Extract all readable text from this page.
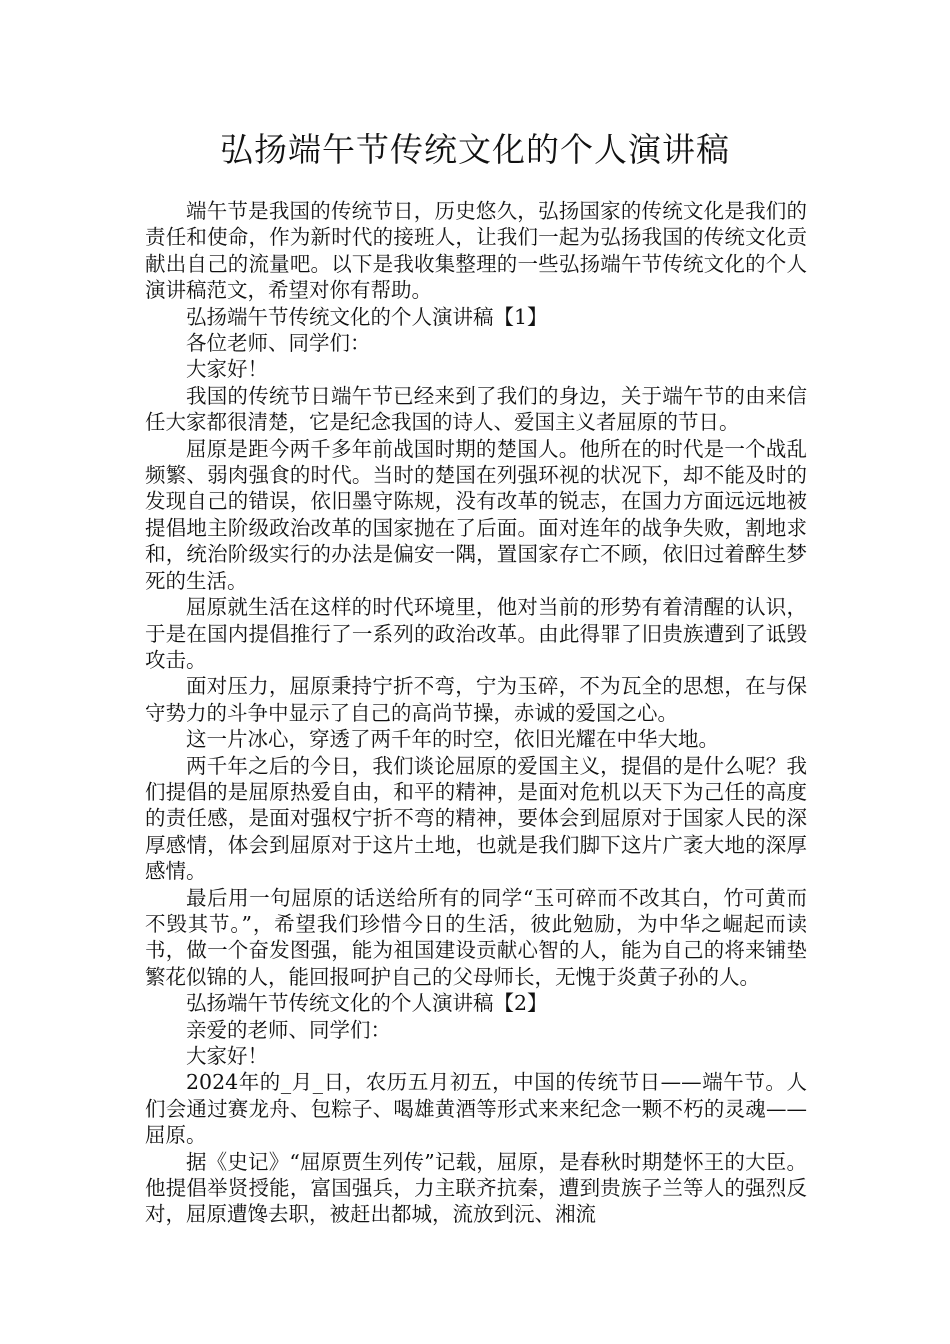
弘扬端午节传统文化的个人演讲稿

端午节是我国的传统节日，历史悠久，弘扬国家的传统文化是我们的责任和使命，作为新时代的接班人，让我们一起为弘扬我国的传统文化贡献出自己的流量吧。以下是我收集整理的一些弘扬端午节传统文化的个人演讲稿范文，希望对你有帮助。

弘扬端午节传统文化的个人演讲稿【1】

各位老师、同学们：

大家好！

我国的传统节日端午节已经来到了我们的身边，关于端午节的由来信任大家都很清楚，它是纪念我国的诗人、爱国主义者屈原的节日。

屈原是距今两千多年前战国时期的楚国人。他所在的时代是一个战乱频繁、弱肉强食的时代。当时的楚国在列强环视的状况下，却不能及时的发现自己的错误，依旧墨守陈规，没有改革的锐志，在国力方面远远地被提倡地主阶级政治改革的国家抛在了后面。面对连年的战争失败，割地求和，统治阶级实行的办法是偏安一隅，置国家存亡不顾，依旧过着醉生梦死的生活。

屈原就生活在这样的时代环境里，他对当前的形势有着清醒的认识，于是在国内提倡推行了一系列的政治改革。由此得罪了旧贵族遭到了诋毁攻击。

面对压力，屈原秉持宁折不弯，宁为玉碎，不为瓦全的思想，在与保守势力的斗争中显示了自己的高尚节操，赤诚的爱国之心。

这一片冰心，穿透了两千年的时空，依旧光耀在中华大地。

两千年之后的今日，我们谈论屈原的爱国主义，提倡的是什么呢？我们提倡的是屈原热爱自由，和平的精神，是面对危机以天下为己任的高度的责任感，是面对强权宁折不弯的精神，要体会到屈原对于国家人民的深厚感情，体会到屈原对于这片土地，也就是我们脚下这片广袤大地的深厚感情。

最后用一句屈原的话送给所有的同学“玉可碎而不改其白，竹可黄而不毁其节。”，希望我们珍惜今日的生活，彼此勉励，为中华之崛起而读书，做一个奋发图强，能为祖国建设贡献心智的人，能为自己的将来铺垫繁花似锦的人，能回报呵护自己的父母师长，无愧于炎黄子孙的人。

弘扬端午节传统文化的个人演讲稿【2】

亲爱的老师、同学们：

大家好！

2024年的_月_日，农历五月初五，中国的传统节日——端午节。人们会通过赛龙舟、包粽子、喝雄黄酒等形式来来纪念一颗不朽的灵魂——屈原。

据《史记》“屈原贾生列传”记载，屈原，是春秋时期楚怀王的大臣。他提倡举贤授能，富国强兵，力主联齐抗秦，遭到贵族子兰等人的强烈反对，屈原遭馋去职，被赶出都城，流放到沅、湘流
